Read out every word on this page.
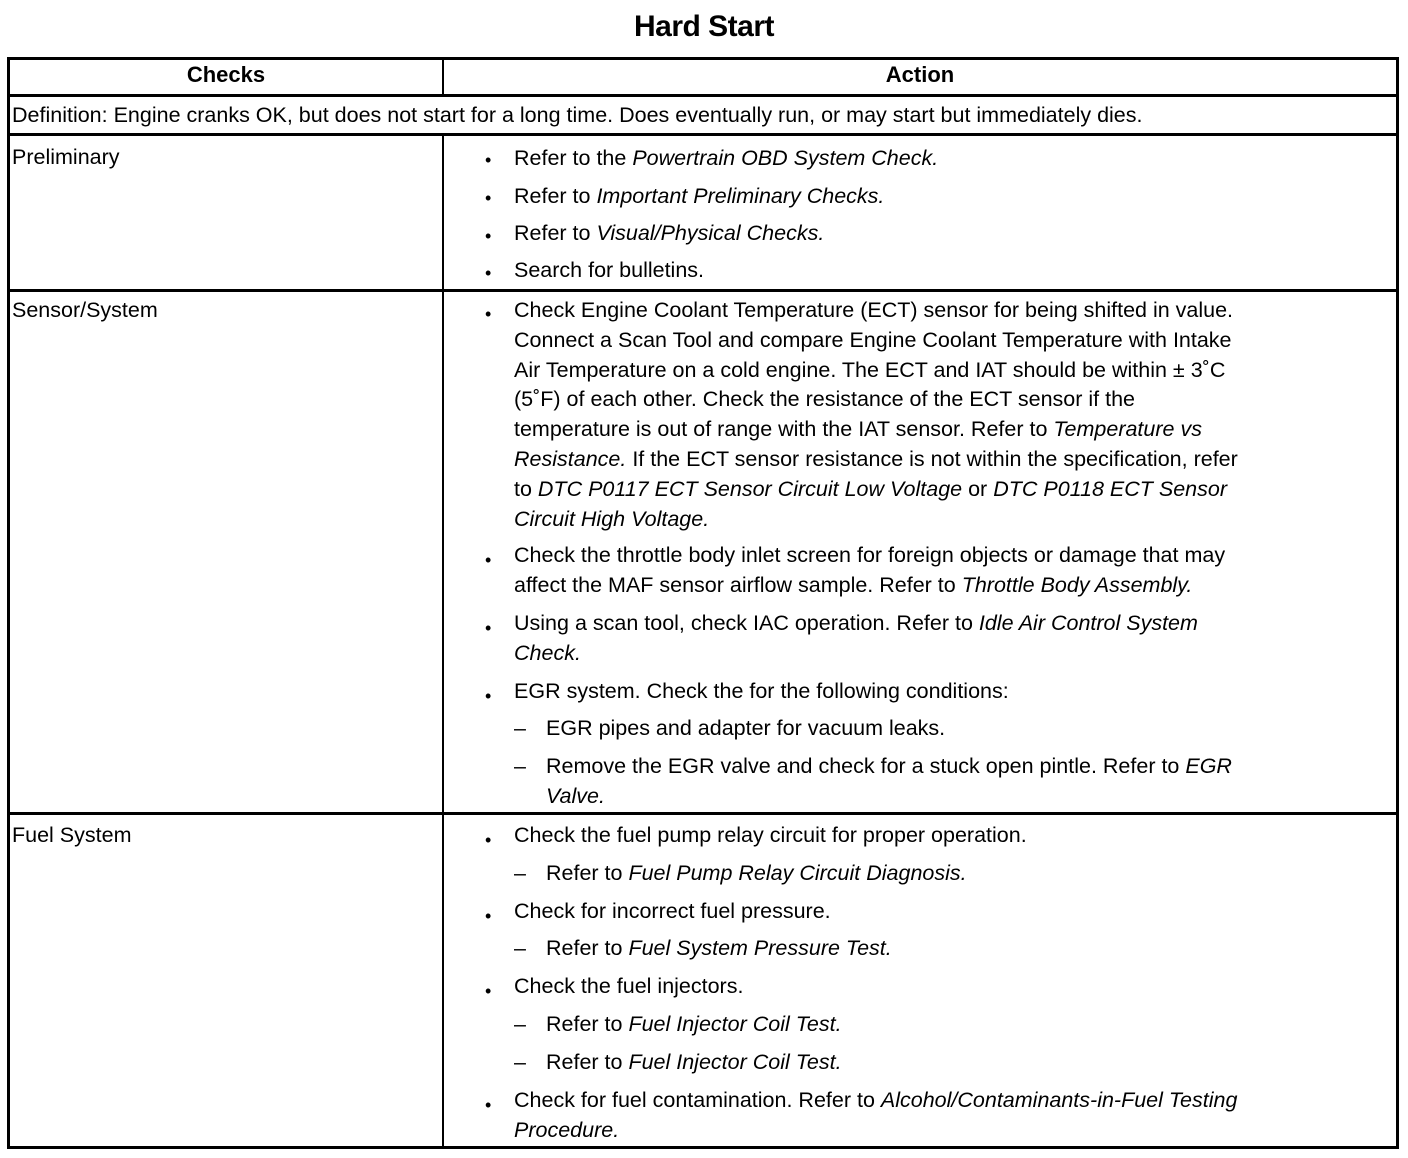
Hard Start
Checks	Action
Definition: Engine cranks OK, but does not start for a long time. Does eventually run, or may start but immediately dies.
Preliminary	• Refer to the Powertrain OBD System Check.
• Refer to Important Preliminary Checks.
• Refer to Visual/Physical Checks.
• Search for bulletins.
Sensor/System	• Check Engine Coolant Temperature (ECT) sensor for being shifted in value.
Connect a Scan Tool and compare Engine Coolant Temperature with Intake
Air Temperature on a cold engine. The ECT and IAT should be within ± 3˚C
(5˚F) of each other. Check the resistance of the ECT sensor if the
temperature is out of range with the IAT sensor. Refer to Temperature vs
Resistance. If the ECT sensor resistance is not within the specification, refer
to DTC P0117 ECT Sensor Circuit Low Voltage or DTC P0118 ECT Sensor
Circuit High Voltage.
• Check the throttle body inlet screen for foreign objects or damage that may
affect the MAF sensor airflow sample. Refer to Throttle Body Assembly.
• Using a scan tool, check IAC operation. Refer to Idle Air Control System
Check.
• EGR system. Check the for the following conditions:
– EGR pipes and adapter for vacuum leaks.
– Remove the EGR valve and check for a stuck open pintle. Refer to EGR
Valve.
Fuel System	• Check the fuel pump relay circuit for proper operation.
– Refer to Fuel Pump Relay Circuit Diagnosis.
• Check for incorrect fuel pressure.
– Refer to Fuel System Pressure Test.
• Check the fuel injectors.
– Refer to Fuel Injector Coil Test.
– Refer to Fuel Injector Coil Test.
• Check for fuel contamination. Refer to Alcohol/Contaminants-in-Fuel Testing
Procedure.
